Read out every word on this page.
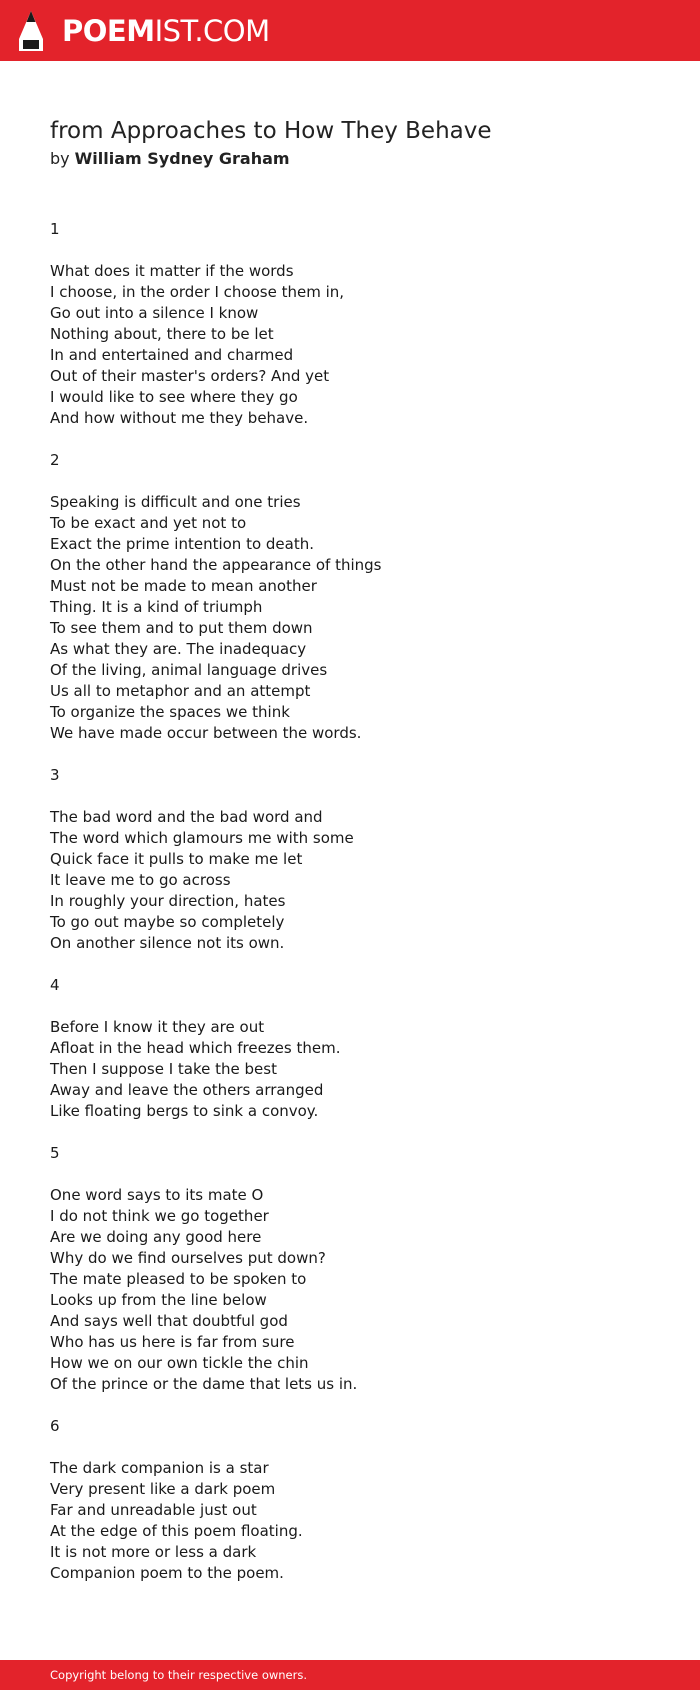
POEMIST.COM
from Approaches to How They Behave
by William Sydney Graham
1
What does it matter if the words
I choose, in the order I choose them in,
Go out into a silence I know
Nothing about, there to be let
In and entertained and charmed
Out of their master's orders? And yet
I would like to see where they go
And how without me they behave.
2
Speaking is difficult and one tries
To be exact and yet not to
Exact the prime intention to death.
On the other hand the appearance of things
Must not be made to mean another
Thing. It is a kind of triumph
To see them and to put them down
As what they are. The inadequacy
Of the living, animal language drives
Us all to metaphor and an attempt
To organize the spaces we think
We have made occur between the words.
3
The bad word and the bad word and
The word which glamours me with some
Quick face it pulls to make me let
It leave me to go across
In roughly your direction, hates
To go out maybe so completely
On another silence not its own.
4
Before I know it they are out
Afloat in the head which freezes them.
Then I suppose I take the best
Away and leave the others arranged
Like floating bergs to sink a convoy.
5
One word says to its mate O
I do not think we go together
Are we doing any good here
Why do we find ourselves put down?
The mate pleased to be spoken to
Looks up from the line below
And says well that doubtful god
Who has us here is far from sure
How we on our own tickle the chin
Of the prince or the dame that lets us in.
6
The dark companion is a star
Very present like a dark poem
Far and unreadable just out
At the edge of this poem floating.
It is not more or less a dark
Companion poem to the poem.
Copyright belong to their respective owners.
